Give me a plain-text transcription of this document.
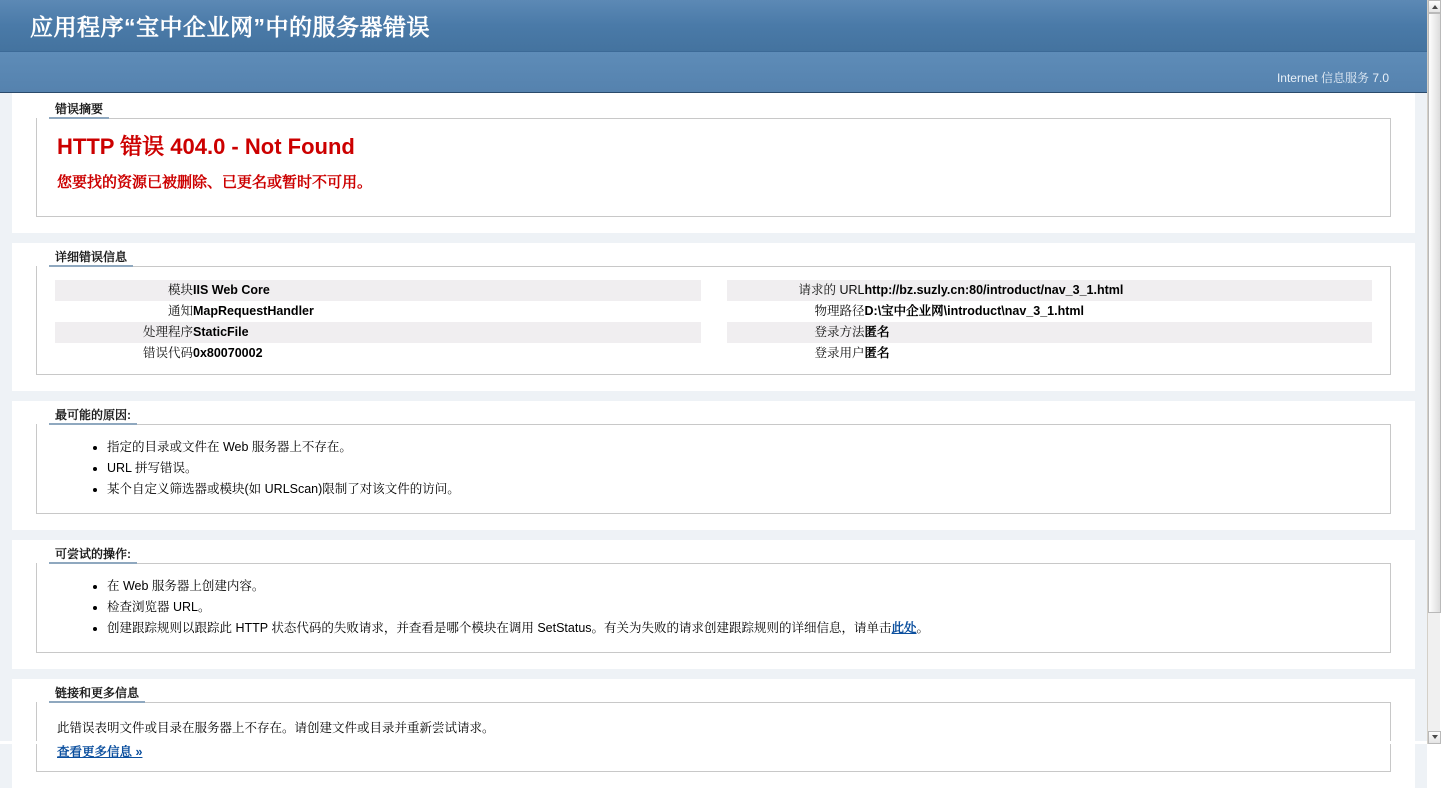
应用程序“宝中企业网”中的服务器错误
Internet 信息服务 7.0
错误摘要
HTTP 错误 404.0 - Not Found
您要找的资源已被删除、已更名或暂时不可用。
详细错误信息
模块 IIS Web Core
通知 MapRequestHandler
处理程序 StaticFile
错误代码 0x80070002
请求的 URL http://bz.suzly.cn:80/introduct/nav_3_1.html
物理路径 D:\宝中企业网\introduct\nav_3_1.html
登录方法 匿名
登录用户 匿名
最可能的原因:
• 指定的目录或文件在 Web 服务器上不存在。
• URL 拼写错误。
• 某个自定义筛选器或模块(如 URLScan)限制了对该文件的访问。
可尝试的操作:
• 在 Web 服务器上创建内容。
• 检查浏览器 URL。
• 创建跟踪规则以跟踪此 HTTP 状态代码的失败请求，并查看是哪个模块在调用 SetStatus。有关为失败的请求创建跟踪规则的详细信息，请单击此处。
链接和更多信息
此错误表明文件或目录在服务器上不存在。请创建文件或目录并重新尝试请求。
查看更多信息 »
